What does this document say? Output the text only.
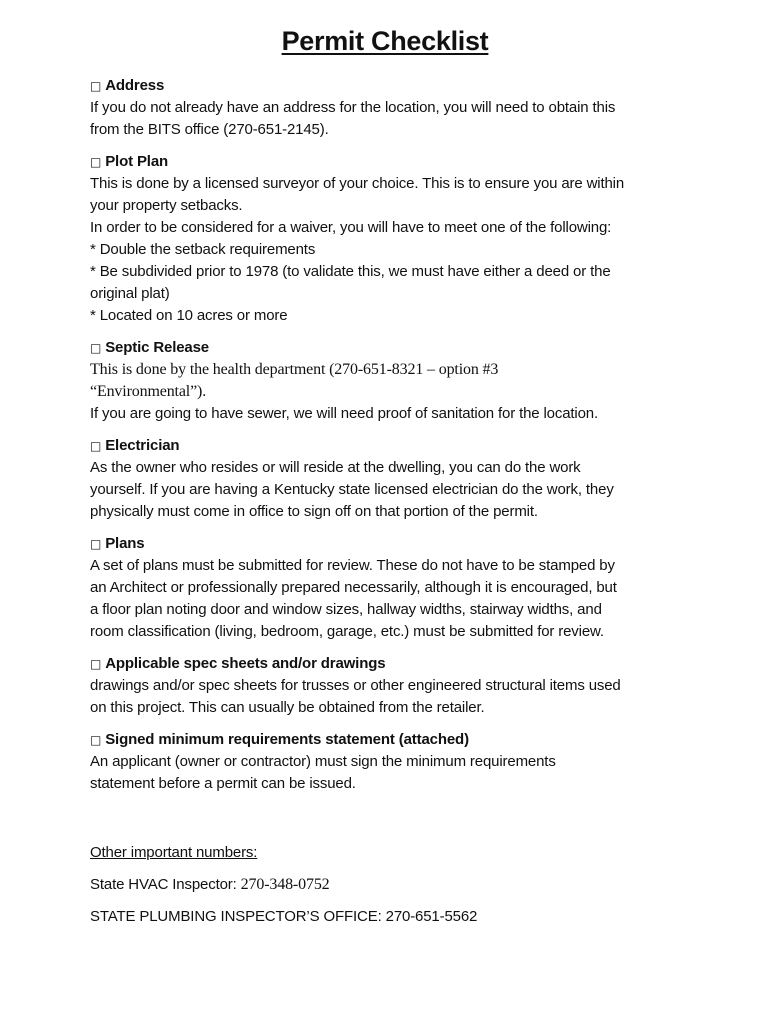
Permit Checklist
□ Address
If you do not already have an address for the location, you will need to obtain this
from the BITS office (270-651-2145).
□ Plot Plan
This is done by a licensed surveyor of your choice. This is to ensure you are within
your property setbacks.
In order to be considered for a waiver, you will have to meet one of the following:
* Double the setback requirements
* Be subdivided prior to 1978 (to validate this, we must have either a deed or the
original plat)
* Located on 10 acres or more
□ Septic Release
This is done by the health department (270-651-8321 – option #3
“Environmental”).
If you are going to have sewer, we will need proof of sanitation for the location.
□ Electrician
As the owner who resides or will reside at the dwelling, you can do the work
yourself. If you are having a Kentucky state licensed electrician do the work, they
physically must come in office to sign off on that portion of the permit.
□ Plans
A set of plans must be submitted for review. These do not have to be stamped by
an Architect or professionally prepared necessarily, although it is encouraged, but
a floor plan noting door and window sizes, hallway widths, stairway widths, and
room classification (living, bedroom, garage, etc.) must be submitted for review.
□ Applicable spec sheets and/or drawings
drawings and/or spec sheets for trusses or other engineered structural items used
on this project. This can usually be obtained from the retailer.
□ Signed minimum requirements statement (attached)
An applicant (owner or contractor) must sign the minimum requirements
statement before a permit can be issued.
Other important numbers:
State HVAC Inspector: 270-348-0752
STATE PLUMBING INSPECTOR’S OFFICE: 270-651-5562
